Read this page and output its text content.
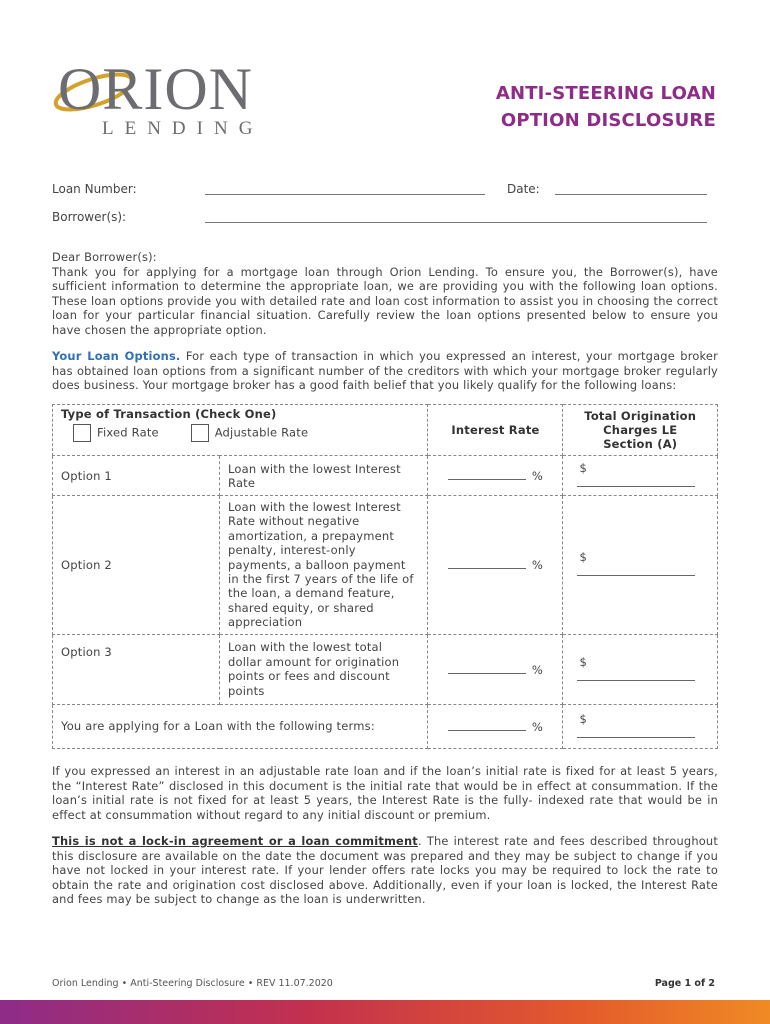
ORION
LENDING
ANTI-STEERING LOAN
OPTION DISCLOSURE
Loan Number:	Date:
Borrower(s):
Dear Borrower(s):
Thank you for applying for a mortgage loan through Orion Lending. To ensure you, the Borrower(s), have sufficient information to determine the appropriate loan, we are providing you with the following loan options. These loan options provide you with detailed rate and loan cost information to assist you in choosing the correct loan for your particular financial situation. Carefully review the loan options presented below to ensure you have chosen the appropriate option.
Your Loan Options. For each type of transaction in which you expressed an interest, your mortgage broker has obtained loan options from a significant number of the creditors with which your mortgage broker regularly does business. Your mortgage broker has a good faith belief that you likely qualify for the following loans:
Type of Transaction (Check One)
Fixed Rate Adjustable Rate		Interest Rate	Total Origination Charges LE Section (A)
Option 1	Loan with the lowest Interest Rate	%	$
Option 2	Loan with the lowest Interest Rate without negative amortization, a prepayment penalty, interest-only payments, a balloon payment in the first 7 years of the life of the loan, a demand feature, shared equity, or shared appreciation	%	$
Option 3	Loan with the lowest total dollar amount for origination points or fees and discount points	%	$
You are applying for a Loan with the following terms:		%	$
If you expressed an interest in an adjustable rate loan and if the loan’s initial rate is fixed for at least 5 years, the “Interest Rate” disclosed in this document is the initial rate that would be in effect at consummation. If the loan’s initial rate is not fixed for at least 5 years, the Interest Rate is the fully- indexed rate that would be in effect at consummation without regard to any initial discount or premium.
This is not a lock-in agreement or a loan commitment. The interest rate and fees described throughout this disclosure are available on the date the document was prepared and they may be subject to change if you have not locked in your interest rate. If your lender offers rate locks you may be required to lock the rate to obtain the rate and origination cost disclosed above. Additionally, even if your loan is locked, the Interest Rate and fees may be subject to change as the loan is underwritten.
Orion Lending • Anti-Steering Disclosure • REV 11.07.2020	Page 1 of 2
